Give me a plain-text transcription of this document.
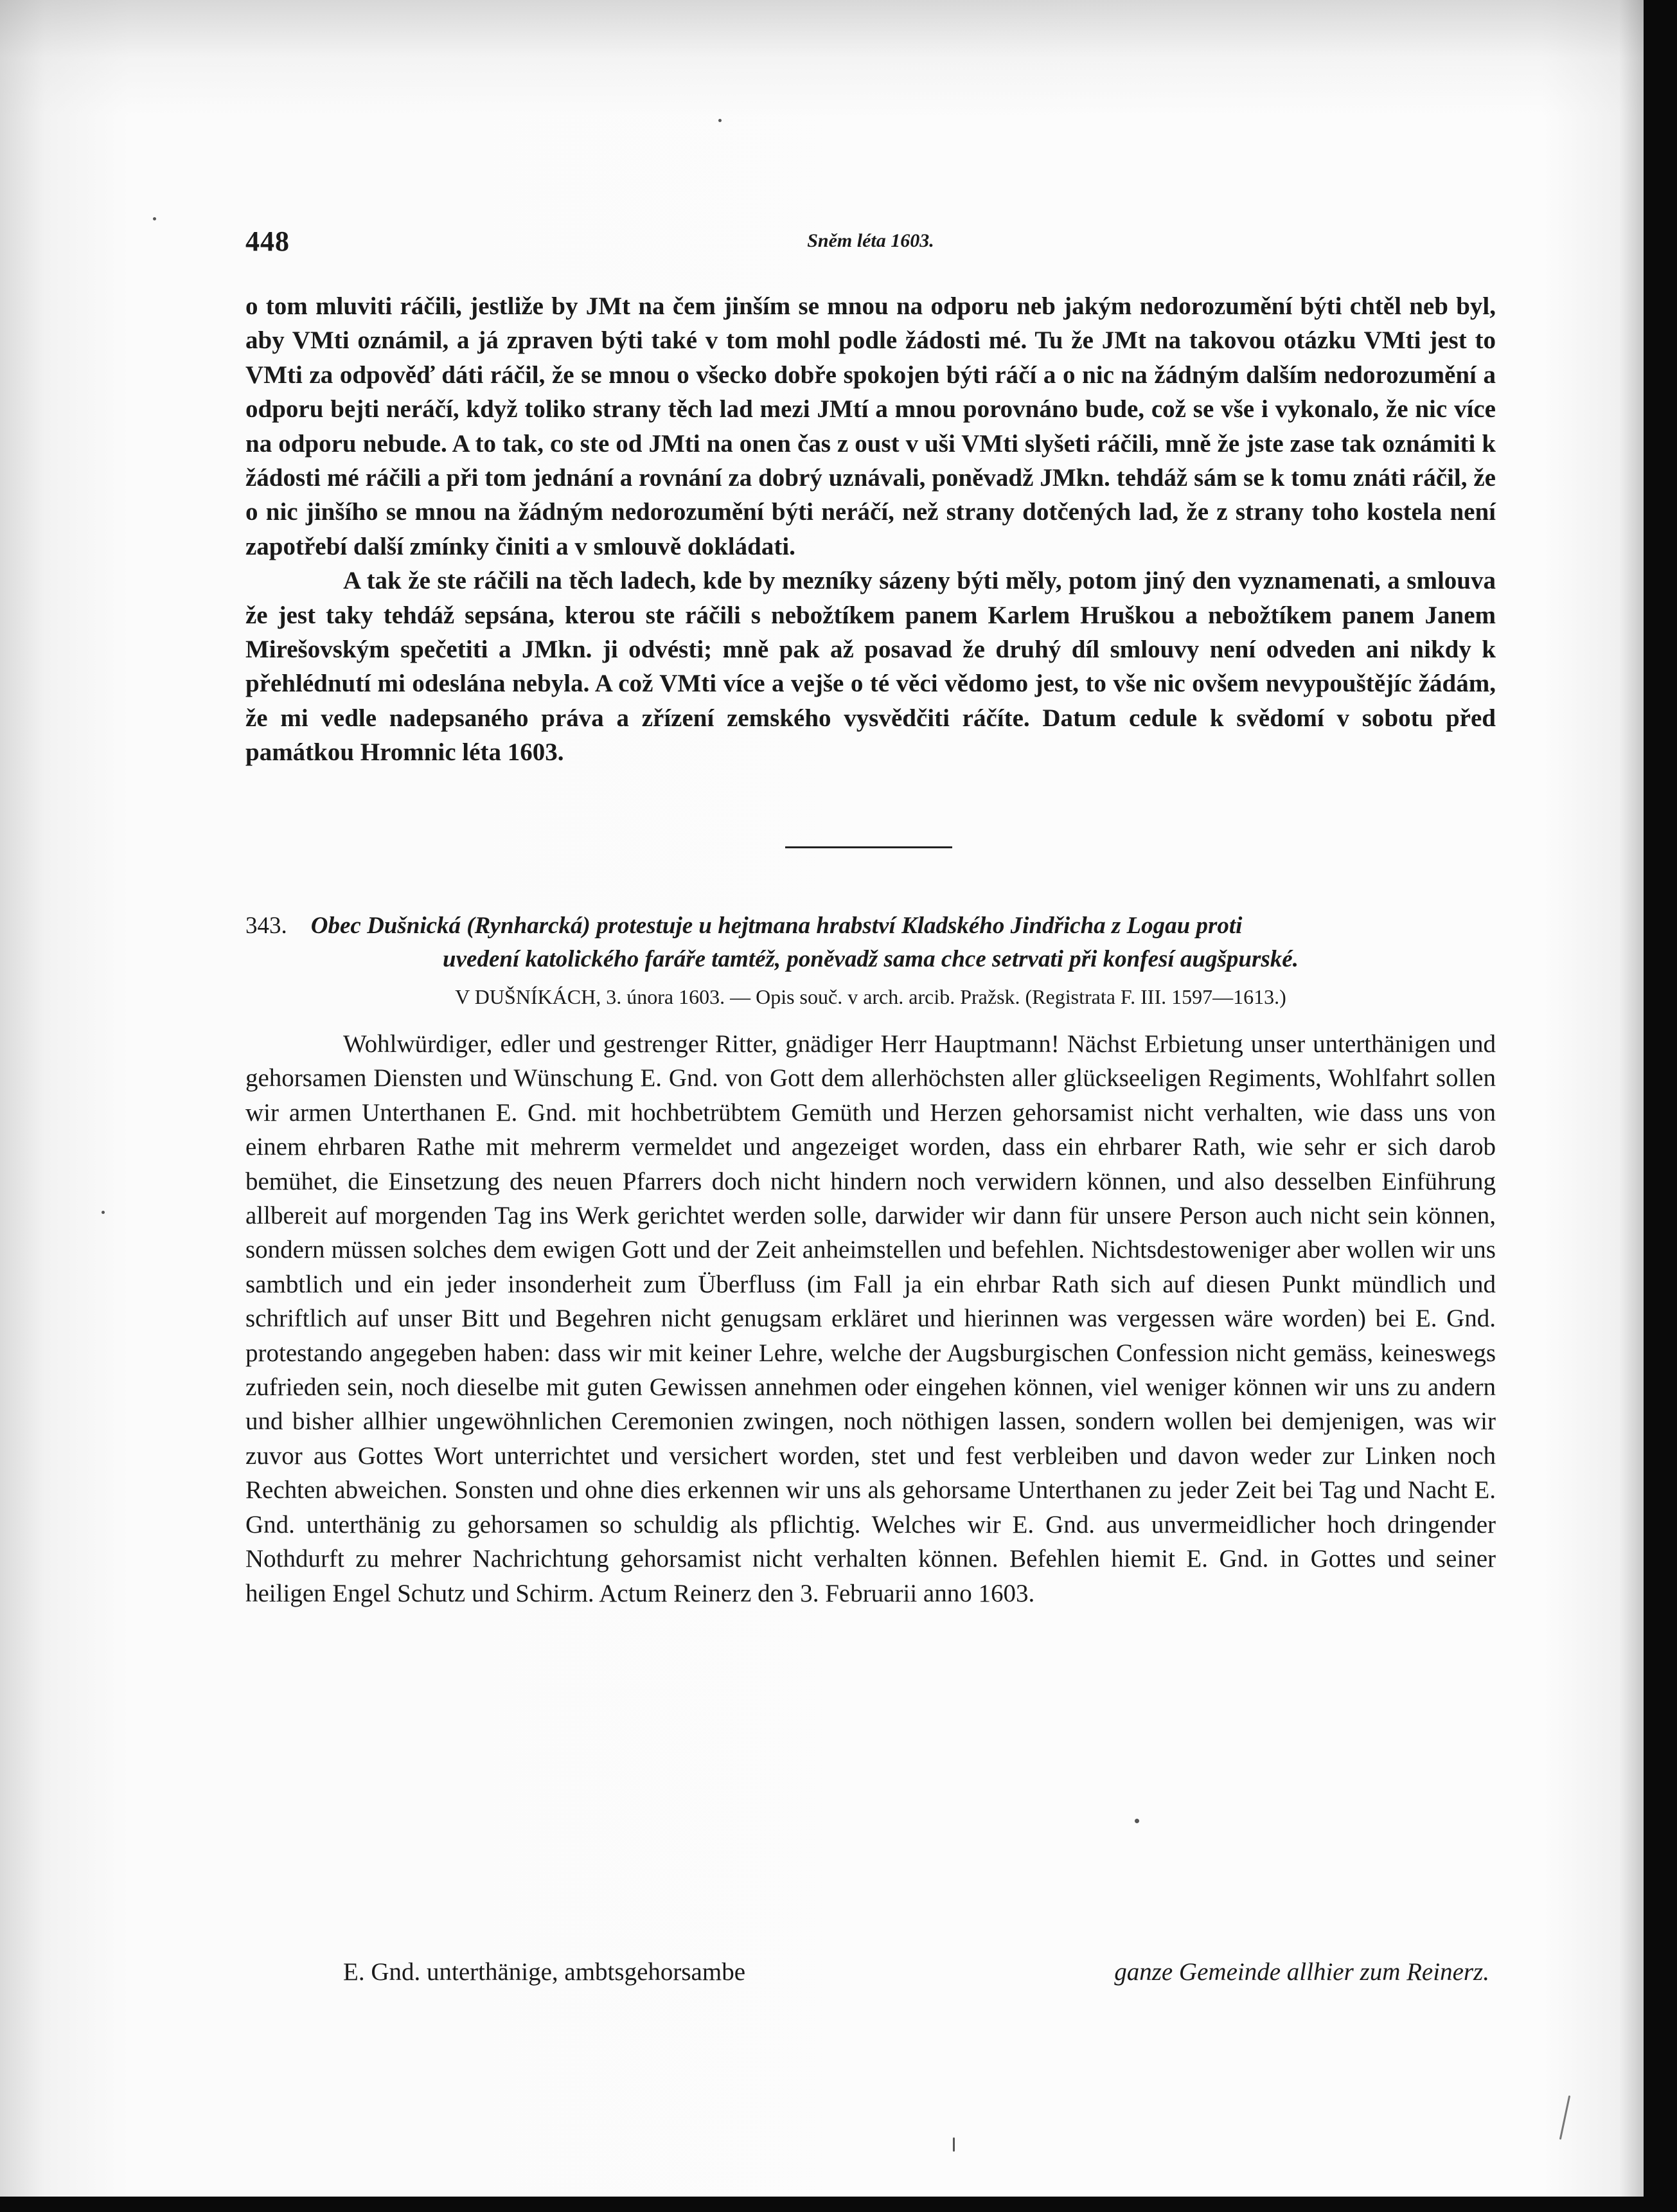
448	Sněm léta 1603.

o tom mluviti ráčili, jestliže by JMt na čem jinším se mnou na odporu neb jakým nedorozumění býti chtěl neb byl, aby VMti oznámil, a já zpraven býti také v tom mohl podle žádosti mé. Tu že JMt na takovou otázku VMti jest to VMti za odpověď dáti ráčil, že se mnou o všecko dobře spokojen býti ráčí a o nic na žádným dalším nedorozumění a odporu bejti neráčí, když toliko strany těch lad mezi JMtí a mnou porovnáno bude, což se vše i vykonalo, že nic více na odporu nebude. A to tak, co ste od JMti na onen čas z oust v uši VMti slyšeti ráčili, mně že jste zase tak oznámiti k žádosti mé ráčili a při tom jednání a rovnání za dobrý uznávali, poněvadž JMkn. tehdáž sám se k tomu znáti ráčil, že o nic jinšího se mnou na žádným nedorozumění býti neráčí, než strany dotčených lad, že z strany toho kostela není zapotřebí další zmínky činiti a v smlouvě dokládati.

A tak že ste ráčili na těch ladech, kde by mezníky sázeny býti měly, potom jiný den vyznamenati, a smlouva že jest taky tehdáž sepsána, kterou ste ráčili s nebožtíkem panem Karlem Hruškou a nebožtíkem panem Janem Mirešovským spečetiti a JMkn. ji odvésti; mně pak až posavad že druhý díl smlouvy není odveden ani nikdy k přehlédnutí mi odeslána nebyla. A což VMti více a vejše o té věci vědomo jest, to vše nic ovšem nevypouštějíc žádám, že mi vedle nadepsaného práva a zřízení zemského vysvědčiti ráčíte. Datum cedule k svědomí v sobotu před památkou Hromnic léta 1603.

343. Obec Dušnická (Rynharcká) protestuje u hejtmana hrabství Kladského Jindřicha z Logau proti
uvedení katolického faráře tamtéž, poněvadž sama chce setrvati při konfesí augšpurské.
V DUŠNÍKÁCH, 3. února 1603. — Opis souč. v arch. arcib. Pražsk. (Registrata F. III. 1597—1613.)

Wohlwürdiger, edler und gestrenger Ritter, gnädiger Herr Hauptmann! Nächst Erbietung unser unterthänigen und gehorsamen Diensten und Wünschung E. Gnd. von Gott dem allerhöchsten aller glückseeligen Regiments, Wohlfahrt sollen wir armen Unterthanen E. Gnd. mit hochbetrübtem Gemüth und Herzen gehorsamist nicht verhalten, wie dass uns von einem ehrbaren Rathe mit mehrerm vermeldet und angezeiget worden, dass ein ehrbarer Rath, wie sehr er sich darob bemühet, die Einsetzung des neuen Pfarrers doch nicht hindern noch verwidern können, und also desselben Einführung allbereit auf morgenden Tag ins Werk gerichtet werden solle, darwider wir dann für unsere Person auch nicht sein können, sondern müssen solches dem ewigen Gott und der Zeit anheimstellen und befehlen. Nichtsdestoweniger aber wollen wir uns sambtlich und ein jeder insonderheit zum Überfluss (im Fall ja ein ehrbar Rath sich auf diesen Punkt mündlich und schriftlich auf unser Bitt und Begehren nicht genugsam erkläret und hierinnen was vergessen wäre worden) bei E. Gnd. protestando angegeben haben: dass wir mit keiner Lehre, welche der Augsburgischen Confession nicht gemäss, keineswegs zufrieden sein, noch dieselbe mit guten Gewissen annehmen oder eingehen können, viel weniger können wir uns zu andern und bisher allhier ungewöhnlichen Ceremonien zwingen, noch nöthigen lassen, sondern wollen bei demjenigen, was wir zuvor aus Gottes Wort unterrichtet und versichert worden, stet und fest verbleiben und davon weder zur Linken noch Rechten abweichen. Sonsten und ohne dies erkennen wir uns als gehorsame Unterthanen zu jeder Zeit bei Tag und Nacht E. Gnd. unterthänig zu gehorsamen so schuldig als pflichtig. Welches wir E. Gnd. aus unvermeidlicher hoch dringender Nothdurft zu mehrer Nachrichtung gehorsamist nicht verhalten können. Befehlen hiemit E. Gnd. in Gottes und seiner heiligen Engel Schutz und Schirm. Actum Reinerz den 3. Februarii anno 1603.

E. Gnd. unterthänige, ambtsgehorsambe	ganze Gemeinde allhier zum Reinerz.
